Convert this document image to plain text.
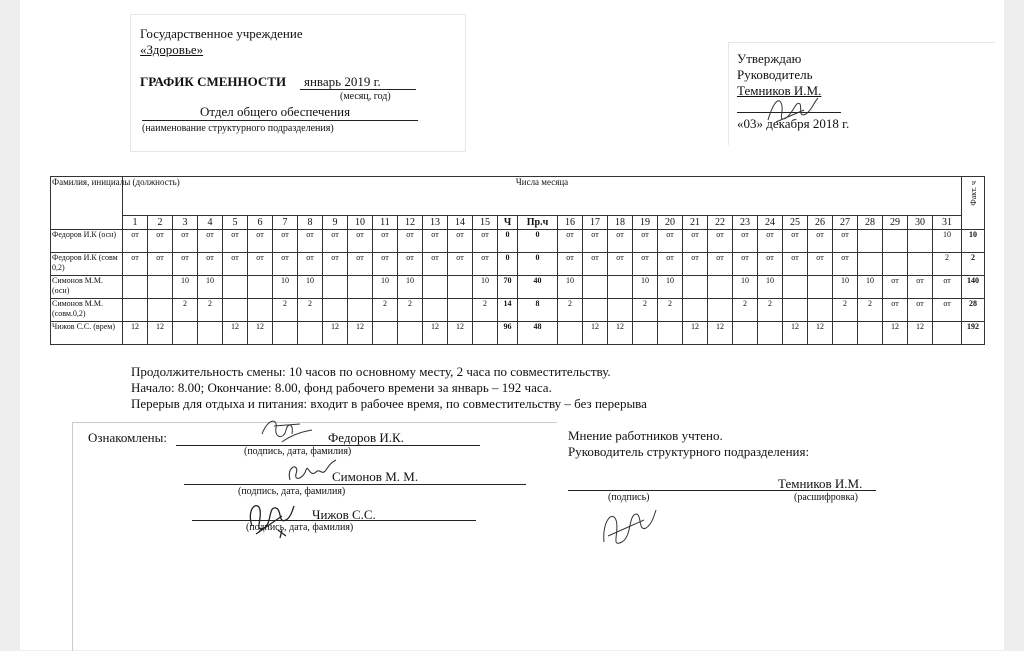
Государственное учреждение
«Здоровье»
ГРАФИК СМЕННОСТИ январь 2019 г.
(месяц, год)
Отдел общего обеспечения
(наименование структурного подразделения)
Утверждаю
Руководитель
Темников И.М.
«03» декабря 2018 г.
Фамилия, инициалы (должность)	Числа месяца																																	Факт. ч
	1	2	3	4	5	6	7	8	9	10	11	12	13	14	15	Ч	Пр.ч	16	17	18	19	20	21	22	23	24	25	26	27	28	29	30	31	
Федоров И.К (осн)	от	от	от	от	от	от	от	от	от	от	от	от	от	от	от	0	0	от	от	от	от	от	от	от	от	от	от	от	от				10	10
Федоров И.К (совм 0,2)	от	от	от	от	от	от	от	от	от	от	от	от	от	от	от	0	0	от	от	от	от	от	от	от	от	от	от	от	от				2	2
Симонов М.М. (осн)			10	10			10	10			10	10			10	70	40	10			10	10			10	10			10	10	от	от	от	140
Симонов М.М. (совм.0,2)			2	2			2	2			2	2			2	14	8	2			2	2			2	2			2	2	от	от	от	28
Чижов С.С. (врем)	12	12			12	12			12	12			12	12		96	48		12	12			12	12			12	12			12	12		192
Продолжительность смены: 10 часов по основному месту, 2 часа по совместительству.
Начало: 8.00; Окончание: 8.00, фонд рабочего времени за январь – 192 часа.
Перерыв для отдыха и питания: входит в рабочее время, по совместительству – без перерыва
Ознакомлены:	Федоров И.К.
(подпись, дата, фамилия)
Симонов М. М.
(подпись, дата, фамилия)
Чижов С.С.
(подпись, дата, фамилия)
Мнение работников учтено.
Руководитель структурного подразделения:
Темников И.М.
(подпись)	(расшифровка)
